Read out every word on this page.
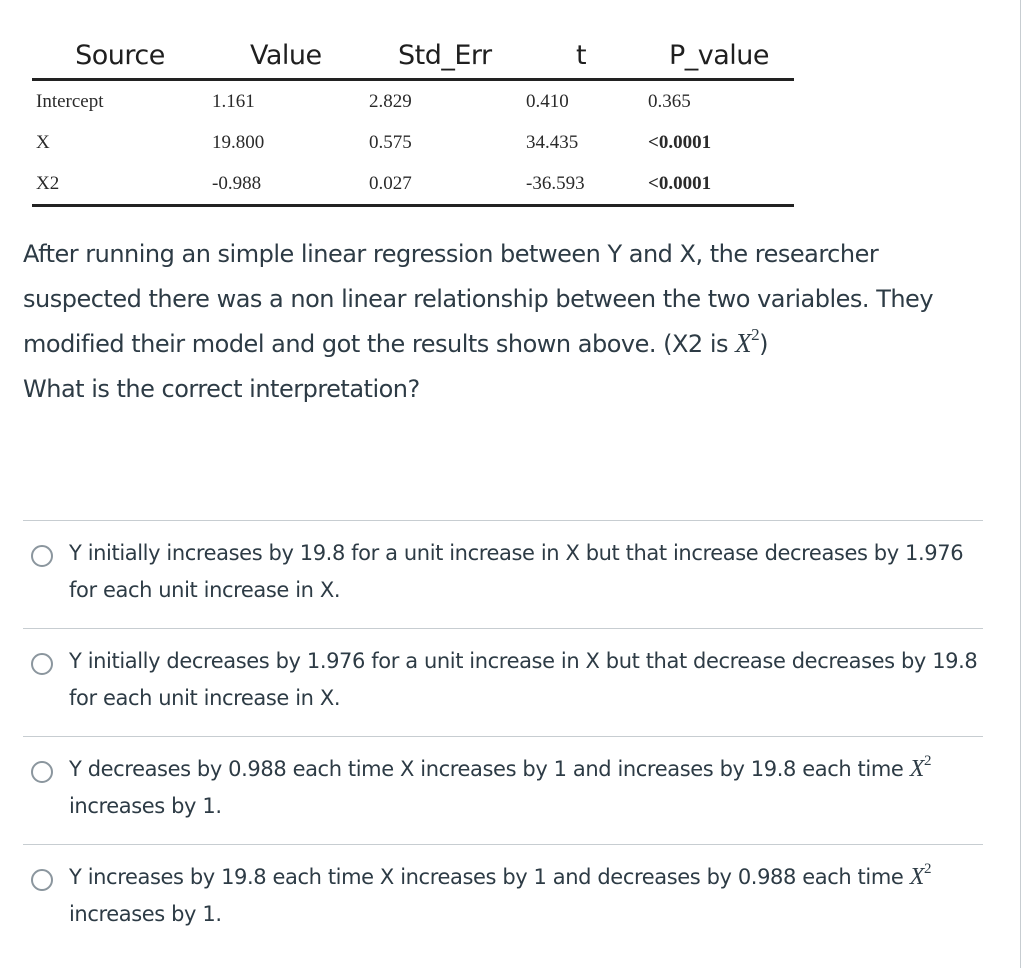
Source	Value	Std_Err	t	P_value
Intercept	1.161	2.829	0.410	0.365
X	19.800	0.575	34.435	<0.0001
X2	-0.988	0.027	-36.593	<0.0001

After running an simple linear regression between Y and X, the researcher suspected there was a non linear relationship between the two variables. They modified their model and got the results shown above. (X2 is $X^2$)

What is the correct interpretation?

Y initially increases by 19.8 for a unit increase in X but that increase decreases by 1.976 for each unit increase in X.
Y initially decreases by 1.976 for a unit increase in X but that decrease decreases by 19.8 for each unit increase in X.
Y decreases by 0.988 each time X increases by 1 and increases by 19.8 each time $X^2$ increases by 1.
Y increases by 19.8 each time X increases by 1 and decreases by 0.988 each time $X^2$ increases by 1.
